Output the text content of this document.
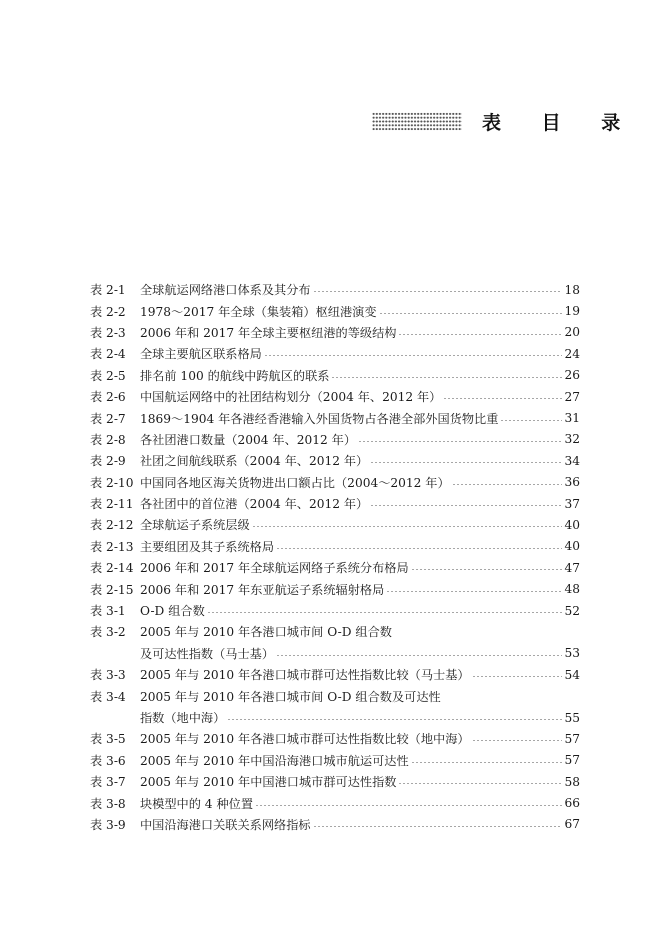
表 目 录
表 2-1	全球航运网络港口体系及其分布	18
表 2-2	1978～2017 年全球（集装箱）枢纽港演变	19
表 2-3	2006 年和 2017 年全球主要枢纽港的等级结构	20
表 2-4	全球主要航区联系格局	24
表 2-5	排名前 100 的航线中跨航区的联系	26
表 2-6	中国航运网络中的社团结构划分（2004 年、2012 年）	27
表 2-7	1869～1904 年各港经香港输入外国货物占各港全部外国货物比重	31
表 2-8	各社团港口数量（2004 年、2012 年）	32
表 2-9	社团之间航线联系（2004 年、2012 年）	34
表 2-10 中国同各地区海关货物进出口额占比（2004～2012 年）	36
表 2-11 各社团中的首位港（2004 年、2012 年）	37
表 2-12 全球航运子系统层级	40
表 2-13 主要组团及其子系统格局	40
表 2-14 2006 年和 2017 年全球航运网络子系统分布格局	47
表 2-15 2006 年和 2017 年东亚航运子系统辐射格局	48
表 3-1	O-D 组合数	52
表 3-2	2005 年与 2010 年各港口城市间 O-D 组合数
及可达性指数（马士基）	53
表 3-3	2005 年与 2010 年各港口城市群可达性指数比较（马士基）	54
表 3-4	2005 年与 2010 年各港口城市间 O-D 组合数及可达性
指数（地中海）	55
表 3-5	2005 年与 2010 年各港口城市群可达性指数比较（地中海）	57
表 3-6	2005 年与 2010 年中国沿海港口城市航运可达性	57
表 3-7	2005 年与 2010 年中国港口城市群可达性指数	58
表 3-8	块模型中的 4 种位置	66
表 3-9	中国沿海港口关联关系网络指标	67
